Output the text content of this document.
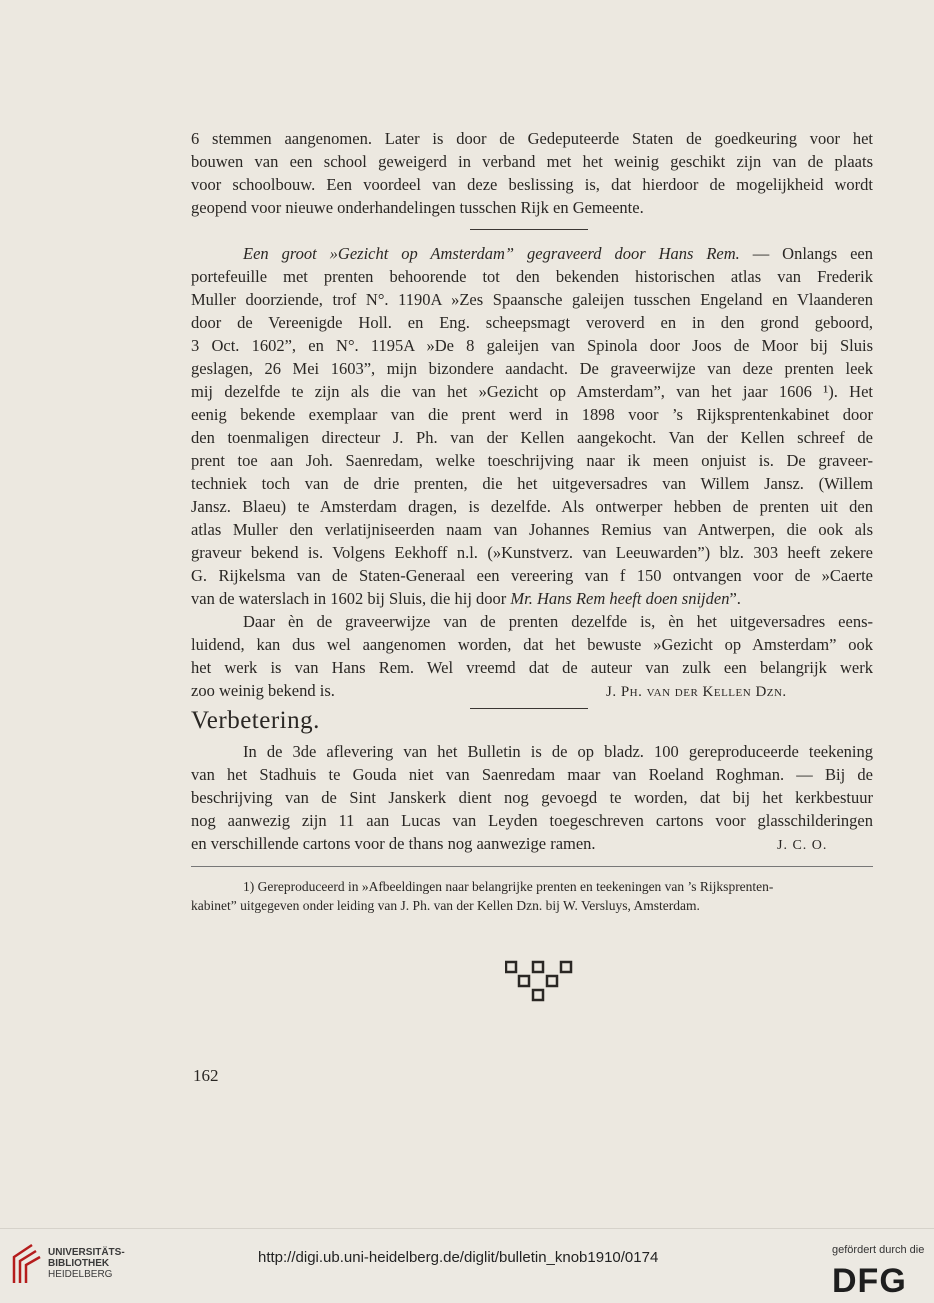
6 stemmen aangenomen. Later is door de Gedeputeerde Staten de goedkeuring voor het
bouwen van een school geweigerd in verband met het weinig geschikt zijn van de plaats
voor schoolbouw. Een voordeel van deze beslissing is, dat hierdoor de mogelijkheid wordt
geopend voor nieuwe onderhandelingen tusschen Rijk en Gemeente.
Een groot »Gezicht op Amsterdam” gegraveerd door Hans Rem. — Onlangs een
portefeuille met prenten behoorende tot den bekenden historischen atlas van Frederik
Muller doorziende, trof N°. 1190A »Zes Spaansche galeijen tusschen Engeland en Vlaanderen
door de Vereenigde Holl. en Eng. scheepsmagt veroverd en in den grond geboord,
3 Oct. 1602”, en N°. 1195A »De 8 galeijen van Spinola door Joos de Moor bij Sluis
geslagen, 26 Mei 1603”, mijn bizondere aandacht. De graveerwijze van deze prenten leek
mij dezelfde te zijn als die van het »Gezicht op Amsterdam”, van het jaar 1606 ¹). Het
eenig bekende exemplaar van die prent werd in 1898 voor ’s Rijksprentenkabinet door
den toenmaligen directeur J. Ph. van der Kellen aangekocht. Van der Kellen schreef de
prent toe aan Joh. Saenredam, welke toeschrijving naar ik meen onjuist is. De graveer-
techniek toch van de drie prenten, die het uitgeversadres van Willem Jansz. (Willem
Jansz. Blaeu) te Amsterdam dragen, is dezelfde. Als ontwerper hebben de prenten uit den
atlas Muller den verlatijniseerden naam van Johannes Remius van Antwerpen, die ook als
graveur bekend is. Volgens Eekhoff n.l. (»Kunstverz. van Leeuwarden”) blz. 303 heeft zekere
G. Rijkelsma van de Staten-Generaal een vereering van f 150 ontvangen voor de »Caerte
van de waterslach in 1602 bij Sluis, die hij door Mr. Hans Rem heeft doen snijden”.
Daar èn de graveerwijze van de prenten dezelfde is, èn het uitgeversadres eens-
luidend, kan dus wel aangenomen worden, dat het bewuste »Gezicht op Amsterdam” ook
het werk is van Hans Rem. Wel vreemd dat de auteur van zulk een belangrijk werk
zoo weinig bekend is.	J. Ph. van der Kellen Dzn.
Verbetering.
In de 3de aflevering van het Bulletin is de op bladz. 100 gereproduceerde teekening
van het Stadhuis te Gouda niet van Saenredam maar van Roeland Roghman. — Bij de
beschrijving van de Sint Janskerk dient nog gevoegd te worden, dat bij het kerkbestuur
nog aanwezig zijn 11 aan Lucas van Leyden toegeschreven cartons voor glasschilderingen
en verschillende cartons voor de thans nog aanwezige ramen.	J. C. O.
1) Gereproduceerd in »Afbeeldingen naar belangrijke prenten en teekeningen van ’s Rijksprenten-
kabinet” uitgegeven onder leiding van J. Ph. van der Kellen Dzn. bij W. Versluys, Amsterdam.
162
UNIVERSITÄTS-
BIBLIOTHEK
HEIDELBERG
http://digi.ub.uni-heidelberg.de/diglit/bulletin_knob1910/0174	gefördert durch die
DFG
